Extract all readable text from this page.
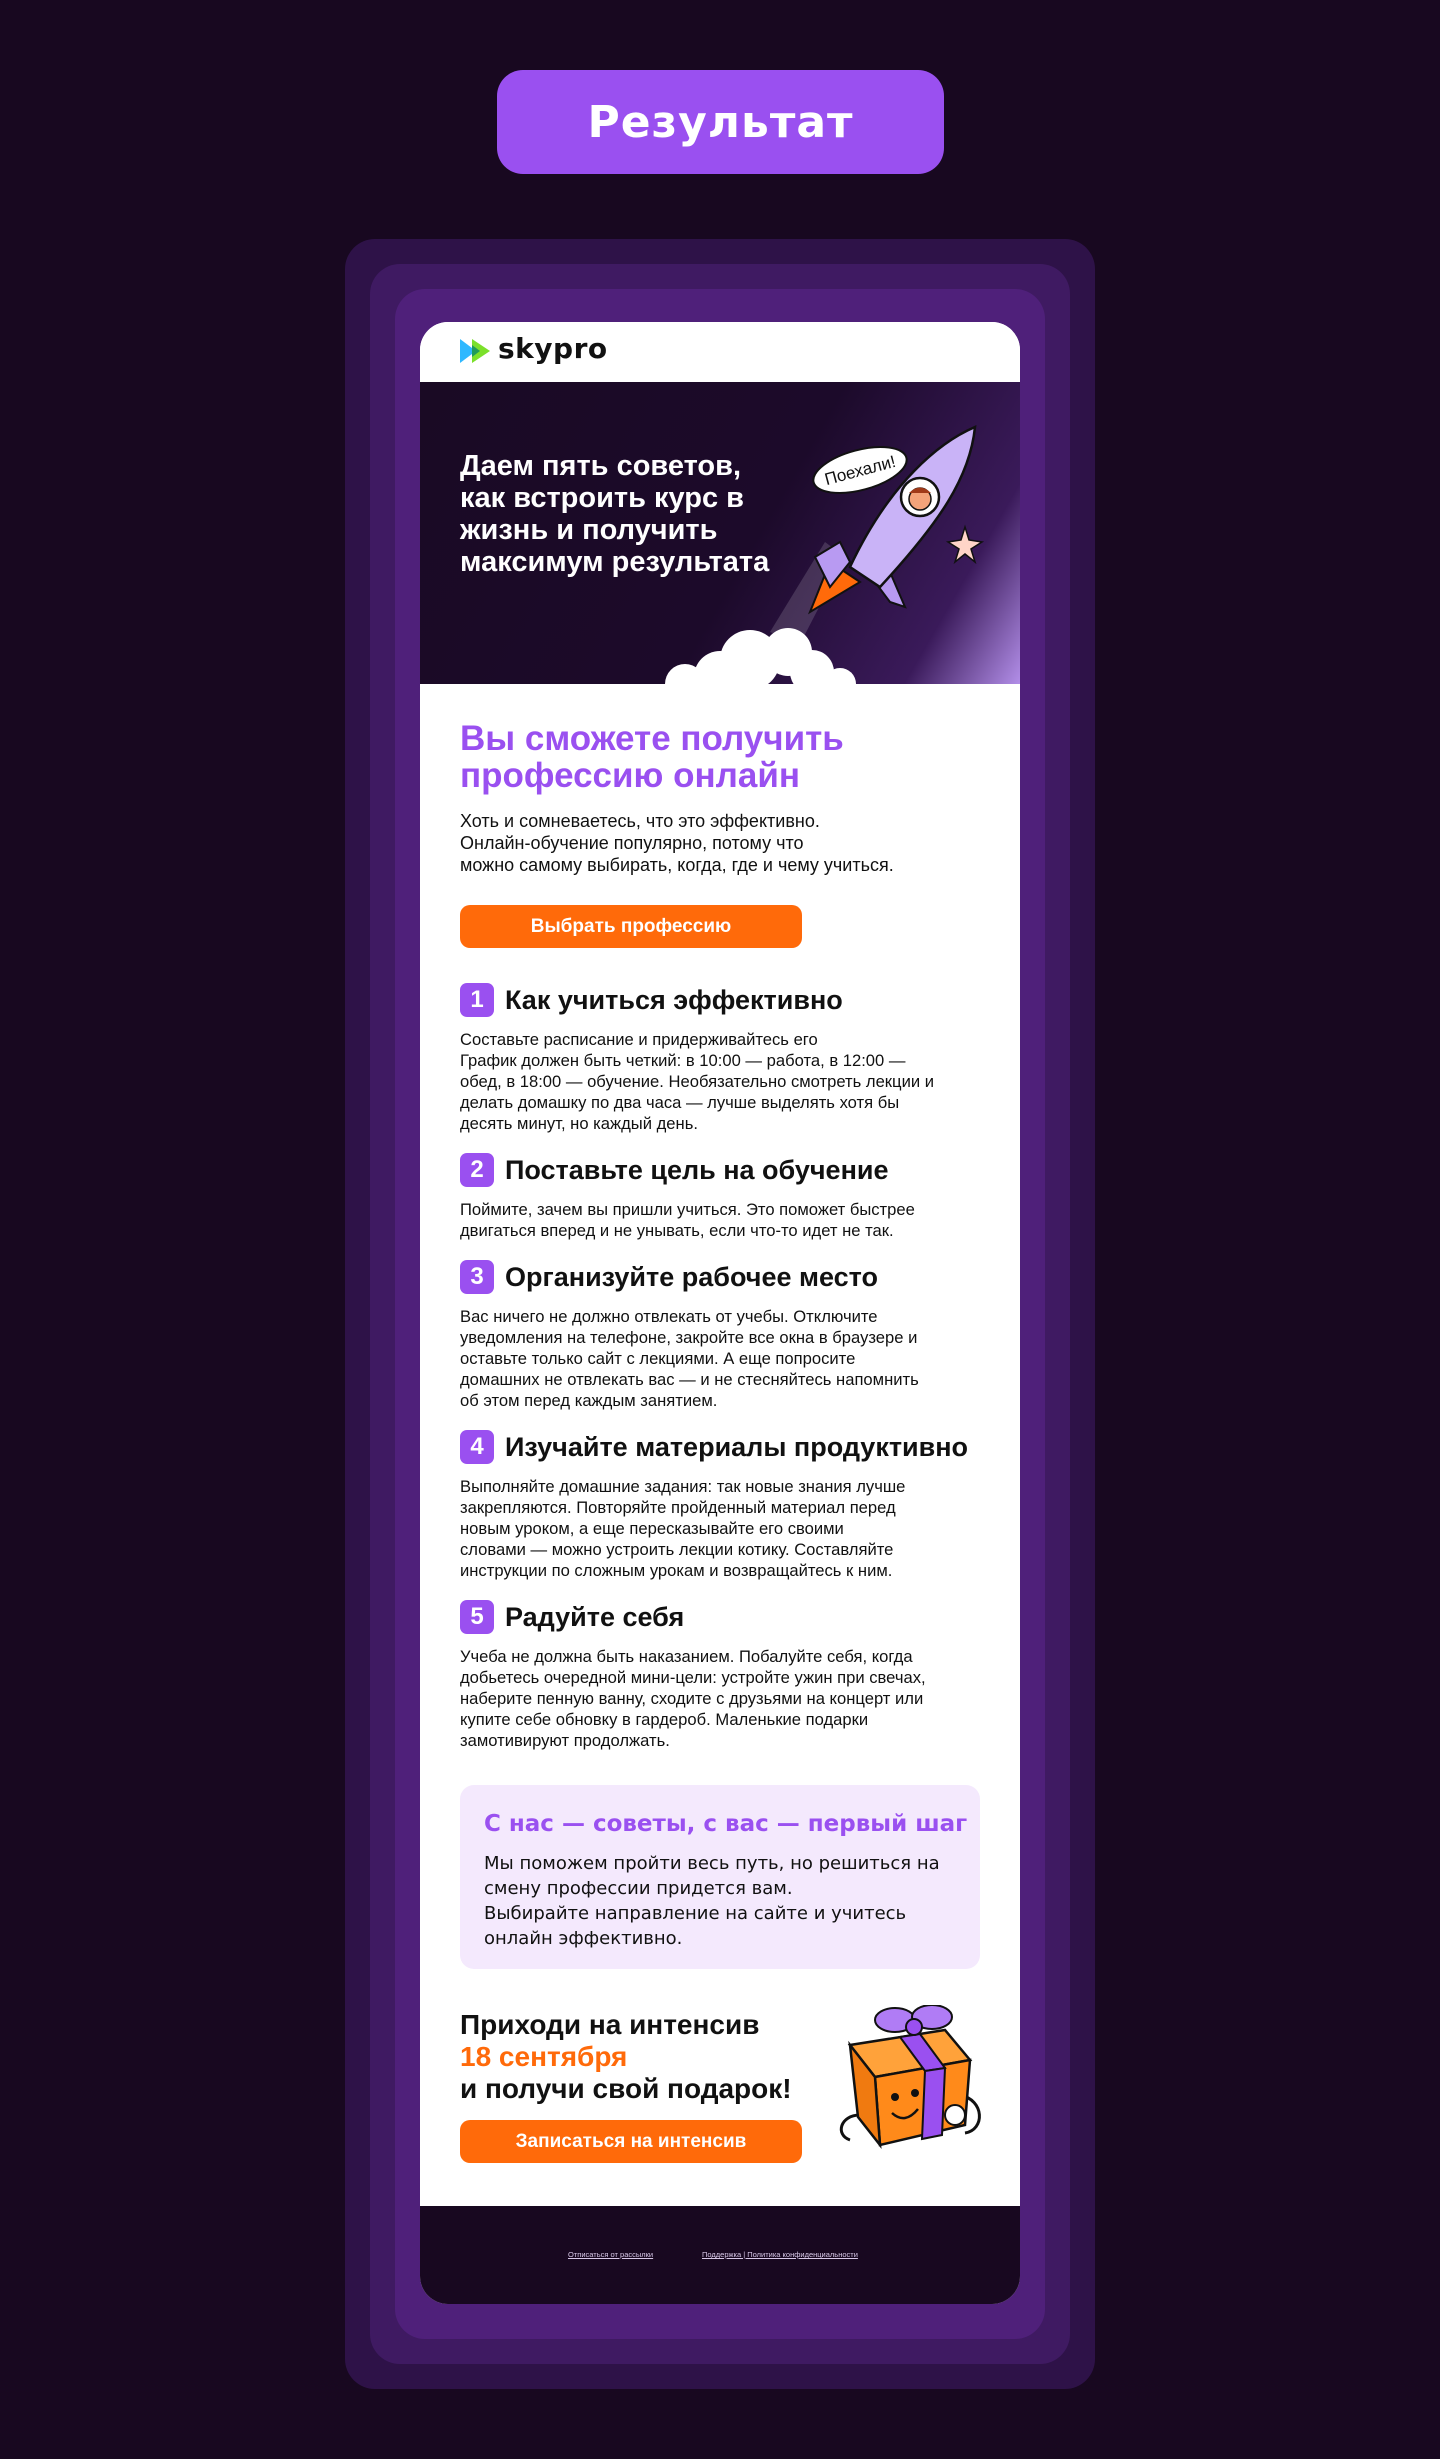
Результат
skypro
Даем пять советов, как встроить курс в жизнь и получить максимум результата
Поехали!
Вы сможете получить профессию онлайн
Хоть и сомневаетесь, что это эффективно.
Онлайн-обучение популярно, потому что
можно самому выбирать, когда, где и чему учиться.
Выбрать профессию
1 Как учиться эффективно
Составьте расписание и придерживайтесь его
График должен быть четкий: в 10:00 — работа, в 12:00 —
обед, в 18:00 — обучение. Необязательно смотреть лекции и
делать домашку по два часа — лучше выделять хотя бы
десять минут, но каждый день.
2 Поставьте цель на обучение
Поймите, зачем вы пришли учиться. Это поможет быстрее
двигаться вперед и не унывать, если что-то идет не так.
3 Организуйте рабочее место
Вас ничего не должно отвлекать от учебы. Отключите
уведомления на телефоне, закройте все окна в браузере и
оставьте только сайт с лекциями. А еще попросите
домашних не отвлекать вас — и не стесняйтесь напомнить
об этом перед каждым занятием.
4 Изучайте материалы продуктивно
Выполняйте домашние задания: так новые знания лучше
закрепляются. Повторяйте пройденный материал перед
новым уроком, а еще пересказывайте его своими
словами — можно устроить лекции котику. Составляйте
инструкции по сложным урокам и возвращайтесь к ним.
5 Радуйте себя
Учеба не должна быть наказанием. Побалуйте себя, когда
добьетесь очередной мини-цели: устройте ужин при свечах,
наберите пенную ванну, сходите с друзьями на концерт или
купите себе обновку в гардероб. Маленькие подарки
замотивируют продолжать.
С нас — советы, с вас — первый шаг
Мы поможем пройти весь путь, но решиться на
смену профессии придется вам.
Выбирайте направление на сайте и учитесь
онлайн эффективно.
Приходи на интенсив
18 сентября
и получи свой подарок!
Записаться на интенсив
Отписаться от рассылки	Поддержка | Политика конфиденциальности
